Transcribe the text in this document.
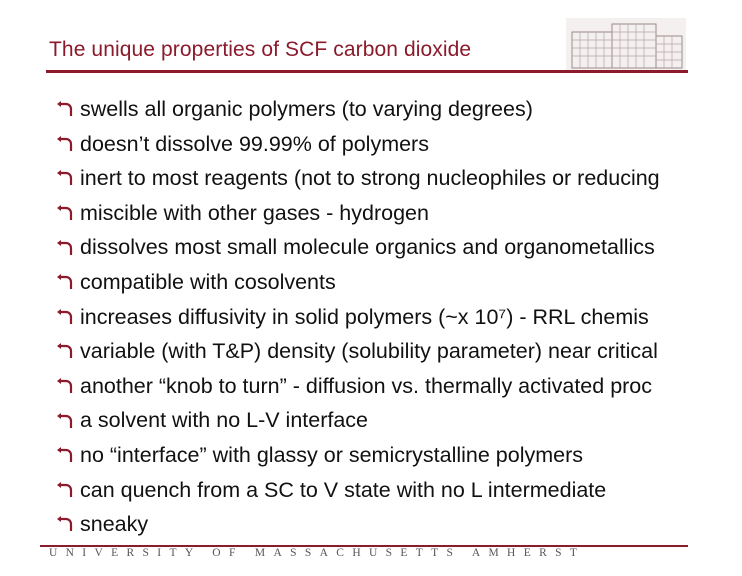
The unique properties of SCF carbon dioxide
swells all organic polymers (to varying degrees)
doesn’t dissolve 99.99% of polymers
inert to most reagents (not to strong nucleophiles or reducing
miscible with other gases - hydrogen
dissolves most small molecule organics and organometallics
compatible with cosolvents
increases diffusivity in solid polymers (~x 10⁷) - RRL chemis
variable (with T&P) density (solubility parameter) near critical
another “knob to turn” - diffusion vs. thermally activated proc
a solvent with no L-V interface
no “interface” with glassy or semicrystalline polymers
can quench from a SC to V state with no L intermediate
sneaky
UNIVERSITY OF MASSACHUSETTS AMHERST
